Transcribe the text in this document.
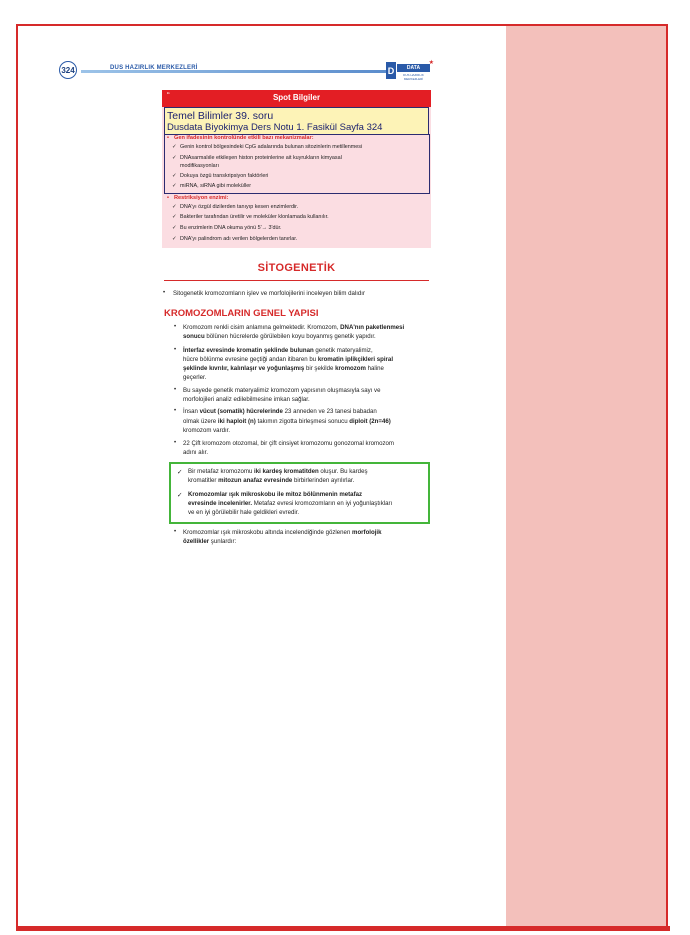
324	DUS HAZIRLIK MERKEZLERİ	D	DATA
DUS HAZIRLIK MERKEZLERİ
★
“	Spot Bilgiler
Temel Bilimler 39. soru
Dusdata Biyokimya Ders Notu 1. Fasikül Sayfa 324
• Gen ifadesinin kontrolünde etkili bazı mekanizmalar:
✓ Genin kontrol bölgesindeki CpG adalarında bulunan sitozinlerin metillenmesi
✓ DNAsarmalıile etkileşen histon proteinlerine ait kuyrukların kimyasal
modifikasyonları
✓ Dokuya özgü transkripsiyon faktörleri
✓ miRNA, siRNA gibi moleküller
• Restriksiyon enzimi:
✓ DNA'yı özgül dizilerden tanıyıp kesen enzimlerdir.
✓ Bakteriler tarafından üretilir ve moleküler klonlamada kullanılır.
✓ Bu enzimlerin DNA okuma yönü 5'→ 3'dür.
✓ DNA'yı palindrom adı verilen bölgelerden tanırlar.
SİTOGENETİK
• Sitogenetik kromozomların işlev ve morfolojilerini inceleyen bilim dalıdır
KROMOZOMLARIN GENEL YAPISI
• Kromozom renkli cisim anlamına gelmektedir. Kromozom, DNA'nın paketlenmesi
sonucu bölünen hücrelerde görülebilen koyu boyanmış genetik yapıdır.
• İnterfaz evresinde kromatin şeklinde bulunan genetik materyalimiz,
hücre bölünme evresine geçtiği andan itibaren bu kromatin iplikçikleri spiral
şeklinde kıvrılır, kalınlaşır ve yoğunlaşmış bir şekilde kromozom haline
geçerler.
• Bu sayede genetik materyalimiz kromozom yapısının oluşmasıyla sayı ve
morfolojileri analiz edilebilmesine imkan sağlar.
• İnsan vücut (somatik) hücrelerinde 23 anneden ve 23 tanesi babadan
olmak üzere iki haploit (n) takımın zigotta birleşmesi sonucu diploit (2n=46)
kromozom vardır.
• 22 Çift kromozom otozomal, bir çift cinsiyet kromozomu gonozomal kromozom
adını alır.
✓ Bir metafaz kromozomu iki kardeş kromatitden oluşur. Bu kardeş
kromatitler mitozun anafaz evresinde birbirlerinden ayrılırlar.
✓ Kromozomlar ışık mikroskobu ile mitoz bölünmenin metafaz
evresinde incelenirler. Metafaz evresi kromozomların en iyi yoğunlaştıkları
ve en iyi görülebilir hale geldikleri evredir.
• Kromozomlar ışık mikroskobu altında incelendiğinde gözlenen morfolojik
özellikler şunlardır:
